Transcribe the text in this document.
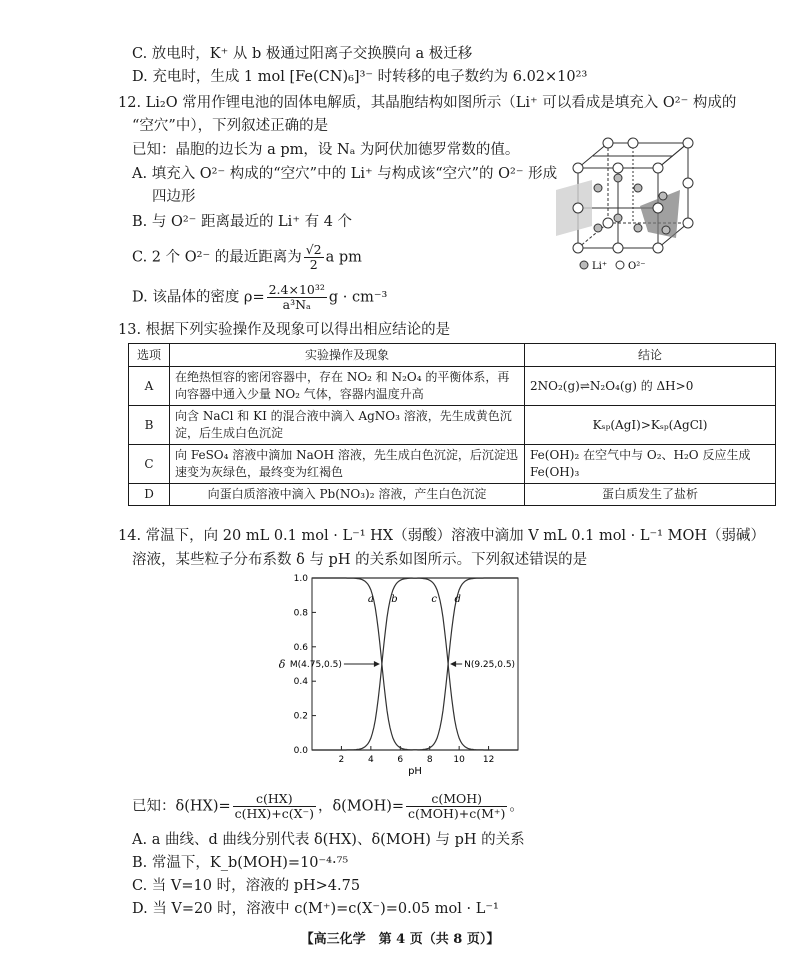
C. 放电时，K⁺ 从 b 极通过阳离子交换膜向 a 极迁移
D. 充电时，生成 1 mol [Fe(CN)₆]³⁻ 时转移的电子数约为 6.02×10²³
12. Li₂O 常用作锂电池的固体电解质，其晶胞结构如图所示（Li⁺ 可以看成是填充入 O²⁻ 构成的
“空穴”中），下列叙述正确的是
已知：晶胞的边长为 a pm，设 Nₐ 为阿伏加德罗常数的值。
A. 填充入 O²⁻ 构成的“空穴”中的 Li⁺ 与构成该“空穴”的 O²⁻ 形成
四边形
B. 与 O²⁻ 距离最近的 Li⁺ 有 4 个
C. 2 个 O²⁻ 的最近距离为 $\frac{√2}{2}$ a pm
D. 该晶体的密度 $\rho= \frac{\text{2.4×10³²}}{\text{a³Nₐ}}$ g · cm⁻³
Li⁺ O²⁻
13. 根据下列实验操作及现象可以得出相应结论的是
选项	实验操作及现象	结论
A	在绝热恒容的密闭容器中，存在 NO₂ 和 N₂O₄ 的平衡体系，再向容器中通入少量 NO₂ 气体，容器内温度升高	2NO₂(g)⇌N₂O₄(g) 的 ΔH>0
B	向含 NaCl 和 KI 的混合液中滴入 AgNO₃ 溶液，先生成黄色沉淀，后生成白色沉淀	Kₛₚ(AgI)>Kₛₚ(AgCl)
C	向 FeSO₄ 溶液中滴加 NaOH 溶液，先生成白色沉淀，后沉淀迅速变为灰绿色，最终变为红褐色	Fe(OH)₂ 在空气中与 O₂、H₂O 反应生成 Fe(OH)₃
D	向蛋白质溶液中滴入 Pb(NO₃)₂ 溶液，产生白色沉淀	蛋白质发生了盐析
14. 常温下，向 20 mL 0.1 mol · L⁻¹ HX（弱酸）溶液中滴加 V mL 0.1 mol · L⁻¹ MOH（弱碱）
溶液，某些粒子分布系数 δ 与 pH 的关系如图所示。下列叙述错误的是
0.0
0.2
0.4
0.6
0.8
1.0
2	4	6	8 10 12
pH
δ
a b	c d
M(4.75,0.5)	N(9.25,0.5)
已知：$\delta(HX)= \frac{c(HX)}{c(HX)+c(X^-)}$ ，$\delta(MOH)= \frac{\text{c(MOH)}}{\text{c(MOH)+c(M⁺)}}$ 。
A. a 曲线、d 曲线分别代表 δ(HX)、δ(MOH) 与 pH 的关系
B. 常温下，K_b(MOH)=10⁻⁴·⁷⁵
C. 当 V=10 时，溶液的 pH>4.75
D. 当 V=20 时，溶液中 c(M⁺)=c(X⁻)=0.05 mol · L⁻¹
【高三化学　第 4 页（共 8 页）】
